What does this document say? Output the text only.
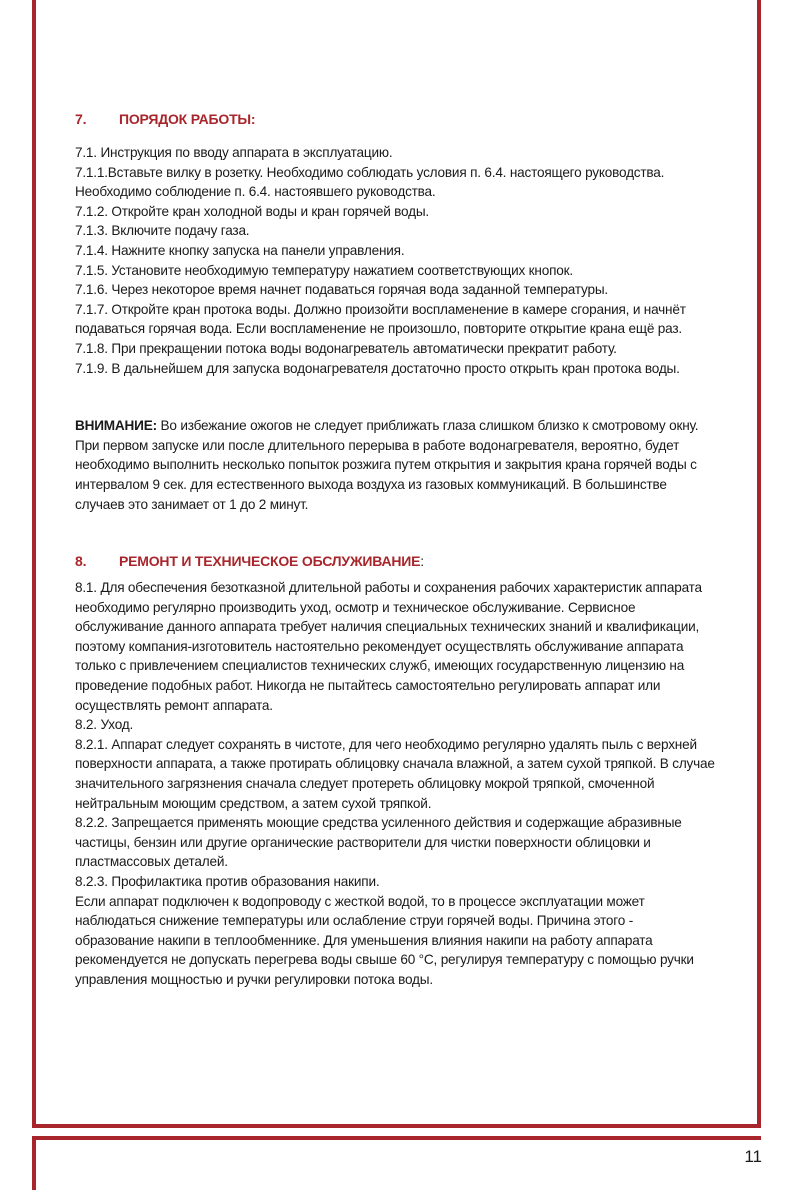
7.	ПОРЯДОК РАБОТЫ:

7.1. Инструкция по вводу аппарата в эксплуатацию.

7.1.1.Вставьте вилку в розетку. Необходимо соблюдать условия п. 6.4. настоящего руководства.

Необходимо соблюдение п. 6.4. настоявшего руководства.

7.1.2. Откройте кран холодной воды и кран горячей воды.

7.1.3. Включите подачу газа.

7.1.4. Нажните кнопку запуска на панели управления.

7.1.5. Установите необходимую температуру нажатием соответствующих кнопок.

7.1.6. Через некоторое время начнет подаваться горячая вода заданной температуры.

7.1.7. Откройте кран протока воды. Должно произойти воспламенение в камере сгорания, и начнёт подаваться горячая вода. Если воспламенение не произошло, повторите открытие крана ещё раз.

7.1.8. При прекращении потока воды водонагреватель автоматически прекратит работу.

7.1.9. В дальнейшем для запуска водонагревателя достаточно просто открыть кран протока воды.

ВНИМАНИЕ: Во избежание ожогов не следует приближать глаза слишком близко к смотровому окну. При первом запуске или после длительного перерыва в работе водонагревателя, вероятно, будет необходимо выполнить несколько попыток розжига путем открытия и закрытия крана горячей воды с интервалом 9 сек. для естественного выхода воздуха из газовых коммуникаций. В большинстве случаев это занимает от 1 до 2 минут.

8.	РЕМОНТ И ТЕХНИЧЕСКОЕ ОБСЛУЖИВАНИЕ :

8.1. Для обеспечения безотказной длительной работы и сохранения рабочих характеристик аппарата необходимо регулярно производить уход, осмотр и техническое обслуживание. Сервисное обслуживание данного аппарата требует наличия специальных технических знаний и квалификации, поэтому компания-изготовитель настоятельно рекомендует осуществлять обслуживание аппарата только с привлечением специалистов технических служб, имеющих государственную лицензию на проведение подобных работ. Никогда не пытайтесь самостоятельно регулировать аппарат или осуществлять ремонт аппарата.

8.2. Уход.

8.2.1. Аппарат следует сохранять в чистоте, для чего необходимо регулярно удалять пыль с верхней поверхности аппарата, а также протирать облицовку сначала влажной, а затем сухой тряпкой. В случае значительного загрязнения сначала следует протереть облицовку мокрой тряпкой, смоченной нейтральным моющим средством, а затем сухой тряпкой.

8.2.2. Запрещается применять моющие средства усиленного действия и содержащие абразивные частицы, бензин или другие органические растворители для чистки поверхности облицовки и пластмассовых деталей.

8.2.3. Профилактика против образования накипи.

Если аппарат подключен к водопроводу с жесткой водой, то в процессе эксплуатации может наблюдаться снижение температуры или ослабление струи горячей воды. Причина этого - образование накипи в теплообменнике. Для уменьшения влияния накипи на работу аппарата рекомендуется не допускать перегрева воды свыше 60 °С, регулируя температуру с помощью ручки управления мощностью и ручки регулировки потока воды.

11
